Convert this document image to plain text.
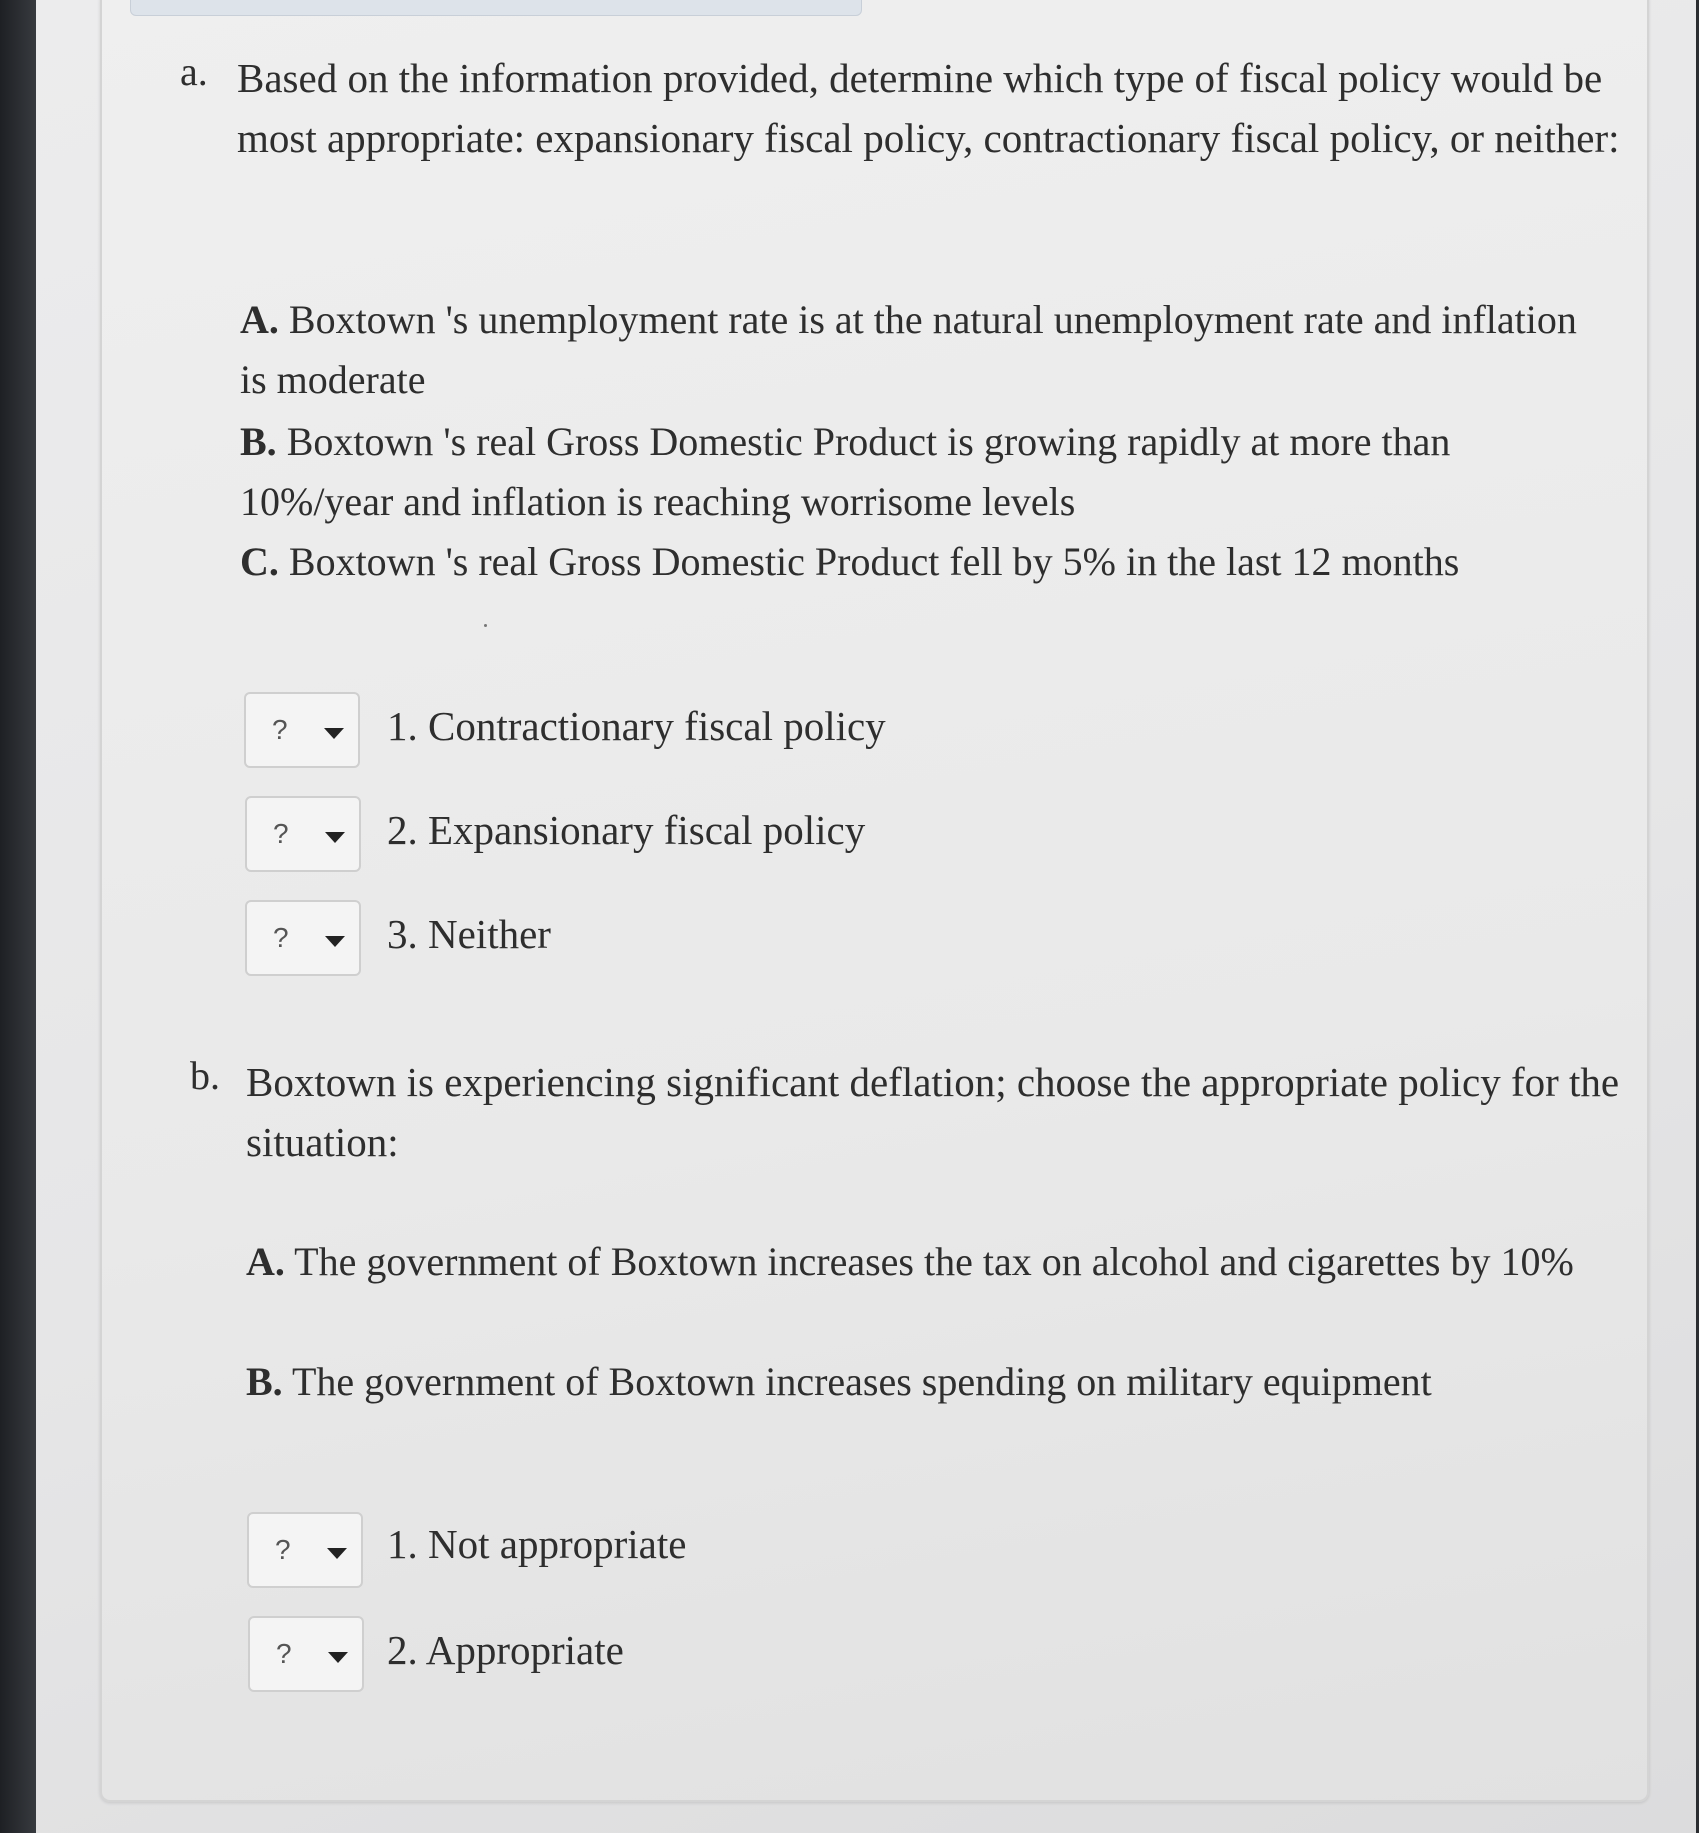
a. Based on the information provided, determine which type of fiscal policy would be most appropriate: expansionary fiscal policy, contractionary fiscal policy, or neither:
A. Boxtown 's unemployment rate is at the natural unemployment rate and inflation is moderate
B. Boxtown 's real Gross Domestic Product is growing rapidly at more than 10%/year and inflation is reaching worrisome levels
C. Boxtown 's real Gross Domestic Product fell by 5% in the last 12 months
? 1. Contractionary fiscal policy
? 2. Expansionary fiscal policy
? 3. Neither
b. Boxtown is experiencing significant deflation; choose the appropriate policy for the situation:
A. The government of Boxtown increases the tax on alcohol and cigarettes by 10%
B. The government of Boxtown increases spending on military equipment
? 1. Not appropriate
? 2. Appropriate
